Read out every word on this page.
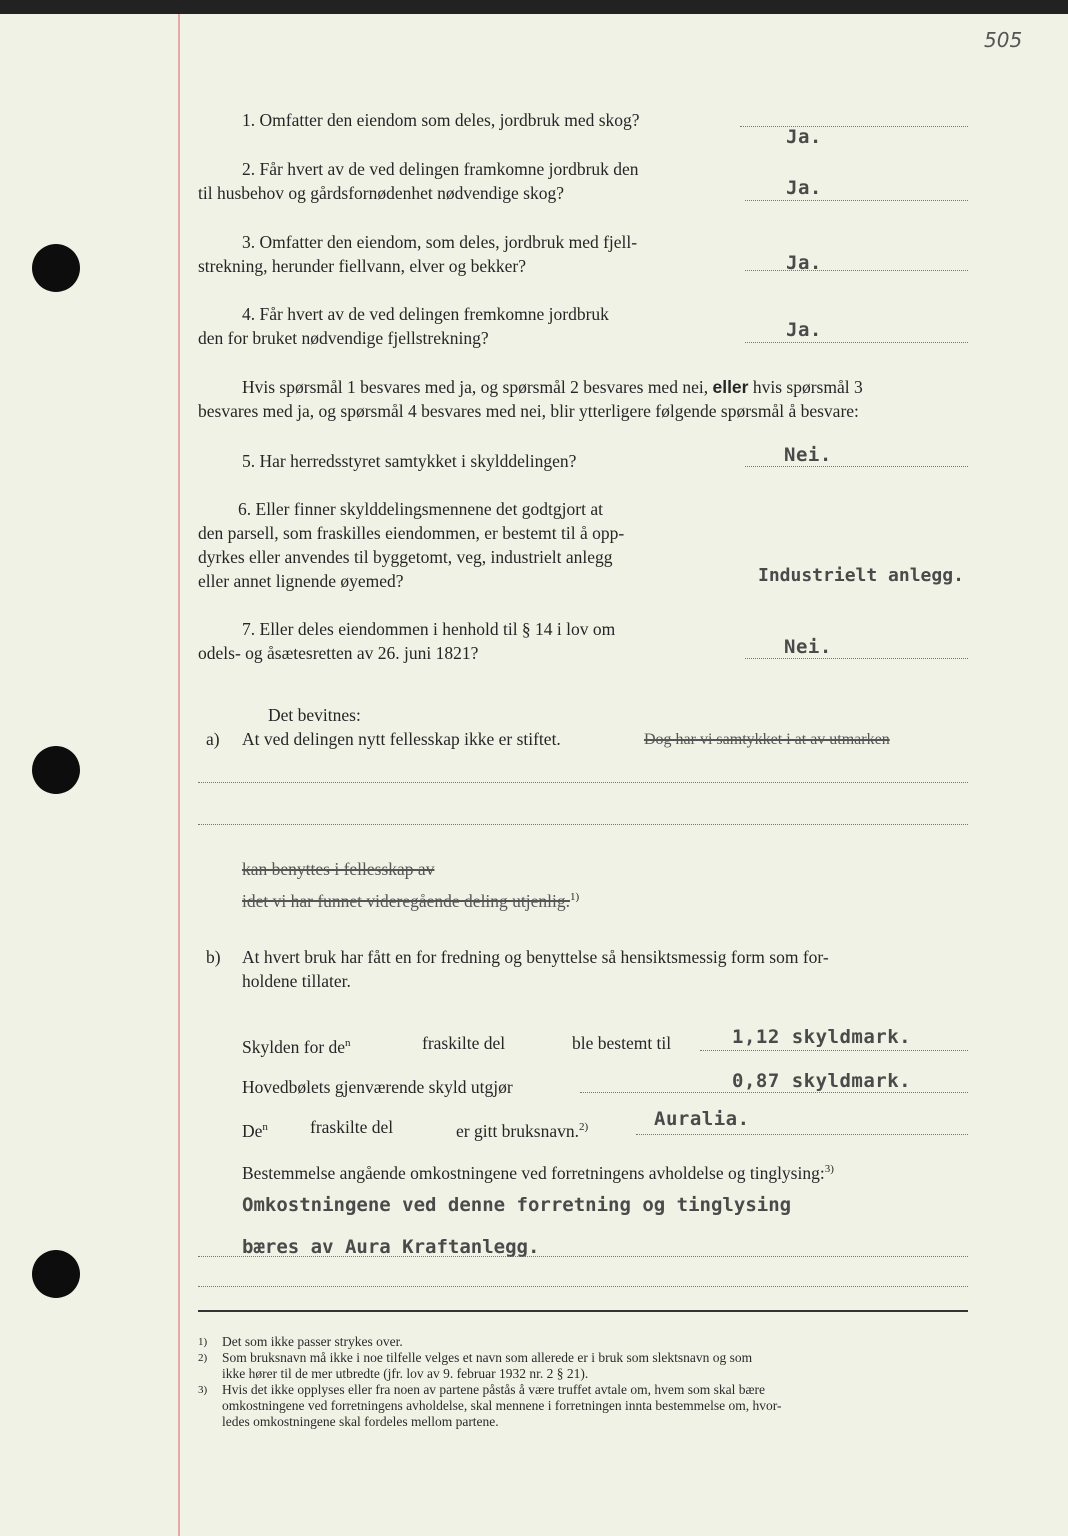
505
1. Omfatter den eiendom som deles, jordbruk med skog?
Ja.
2. Får hvert av de ved delingen framkomne jordbruk den
til husbehov og gårdsfornødenhet nødvendige skog?	Ja.
3. Omfatter den eiendom, som deles, jordbruk med fjell-
strekning, herunder fiellvann, elver og bekker?	Ja.
4. Får hvert av de ved delingen fremkomne jordbruk
den for bruket nødvendige fjellstrekning?	Ja.
Hvis spørsmål 1 besvares med ja, og spørsmål 2 besvares med nei, eller hvis spørsmål 3
besvares med ja, og spørsmål 4 besvares med nei, blir ytterligere følgende spørsmål å besvare:
5. Har herredsstyret samtykket i skylddelingen?	Nei.
6. Eller finner skylddelingsmennene det godtgjort at
den parsell, som fraskilles eiendommen, er bestemt til å opp-
dyrkes eller anvendes til byggetomt, veg, industrielt anlegg
eller annet lignende øyemed?	Industrielt anlegg.
7. Eller deles eiendommen i henhold til § 14 i lov om
odels- og åsætesretten av 26. juni 1821?	Nei.
Det bevitnes:
a) At ved delingen nytt fellesskap ikke er stiftet.	Dog har vi samtykket i at av utmarken
kan benyttes i fellesskap av
idet vi har funnet videregående deling utjenlig.$^{1)}$
b) At hvert bruk har fått en for fredning og benyttelse så hensiktsmessig form som for-
holdene tillater.
Skylden for $de^n$	fraskilte del	ble bestemt til	1,12 skyldmark.
Hovedbølets gjenværende skyld utgjør	0,87 skyldmark.
De$^n$ fraskilte del	er gitt bruksnavn.$^{2)}$	Auralia.
Bestemmelse angående omkostningene ved forretningens avholdelse og tinglysing:$^{3)}$
Omkostningene ved denne forretning og tinglysing
bæres av Aura Kraftanlegg.
1) Det som ikke passer strykes over.
2) Som bruksnavn må ikke i noe tilfelle velges et navn som allerede er i bruk som slektsnavn og som
ikke hører til de mer utbredte (jfr. lov av 9. februar 1932 nr. 2 § 21).
3) Hvis det ikke opplyses eller fra noen av partene påstås å være truffet avtale om, hvem som skal bære
omkostningene ved forretningens avholdelse, skal mennene i forretningen innta bestemmelse om, hvor-
ledes omkostningene skal fordeles mellom partene.
